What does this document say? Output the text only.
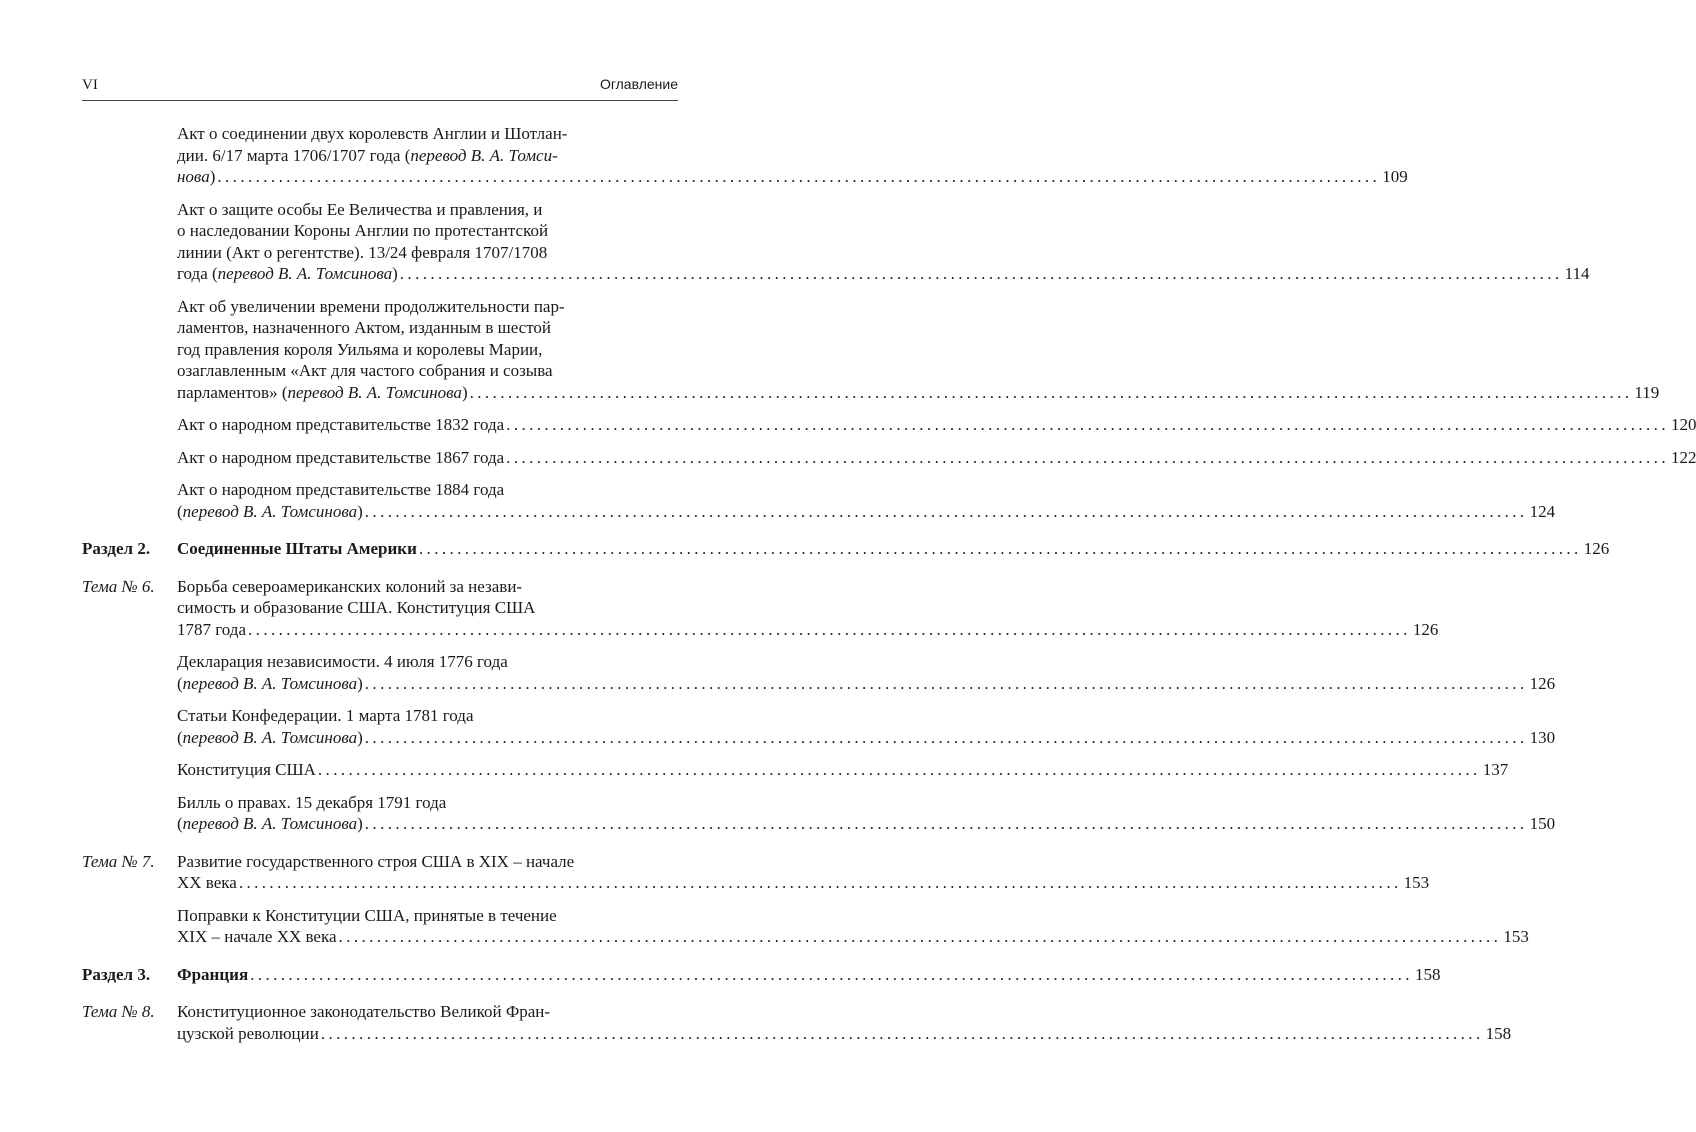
VI	Оглавление
Акт о соединении двух королевств Англии и Шотлан-
дии. 6/17 марта 1706/1707 года (перевод В. А. Томси-
нова) .....	109
Акт о защите особы Ее Величества и правления, и
о наследовании Короны Англии по протестантской
линии (Акт о регентстве). 13/24 февраля 1707/1708
года (перевод В. А. Томсинова) .....	114
Акт об увеличении времени продолжительности пар-
ламентов, назначенного Актом, изданным в шестой
год правления короля Уильяма и королевы Марии,
озаглавленным «Акт для частого собрания и созыва
парламентов» (перевод В. А. Томсинова) .....	119
Акт о народном представительстве 1832 года .....	120
Акт о народном представительстве 1867 года .....	122
Акт о народном представительстве 1884 года
(перевод В. А. Томсинова) .....	124
Раздел 2.	Соединенные Штаты Америки .....	126
Тема № 6.	Борьба североамериканских колоний за незави-
симость и образование США. Конституция США
1787 года .....	126
Декларация независимости. 4 июля 1776 года
(перевод В. А. Томсинова) .....	126
Статьи Конфедерации. 1 марта 1781 года
(перевод В. А. Томсинова) .....	130
Конституция США .....	137
Билль о правах. 15 декабря 1791 года
(перевод В. А. Томсинова) .....	150
Тема № 7.	Развитие государственного строя США в XIX – начале
XX века .....	153
Поправки к Конституции США, принятые в течение
XIX – начале XX века .....	153
Раздел 3.	Франция .....	158
Тема № 8.	Конституционное законодательство Великой Фран-
цузской революции .....	158
